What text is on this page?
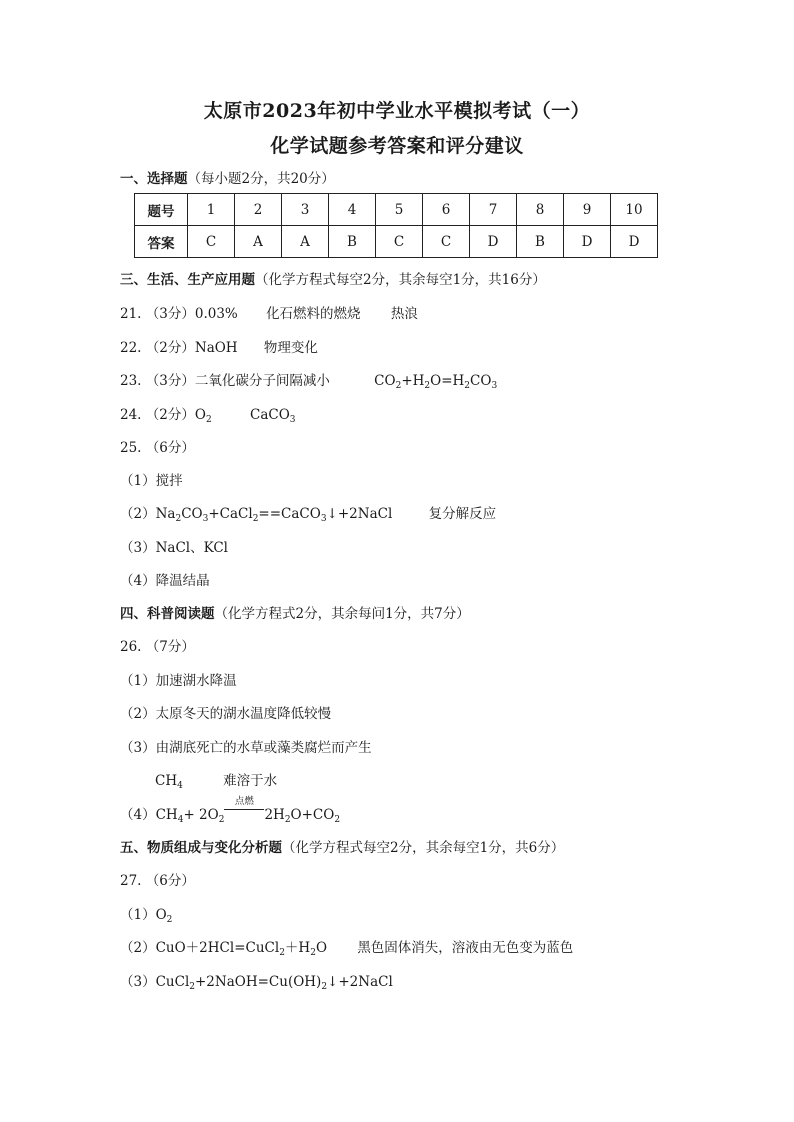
太原市2023年初中学业水平模拟考试（一）
化学试题参考答案和评分建议
一、选择题（每小题2分，共20分）
题号	1	2	3	4	5	6	7	8	9	10
答案	C	A	A	B	C	C	D	B	D	D
三、生活、生产应用题（化学方程式每空2分，其余每空1分，共16分）
21. （3分）0.03% 化石燃料的燃烧 热浪
22. （2分）NaOH 物理变化
23. （3分）二氧化碳分子间隔减小	$CO_2+H_2O=H_2CO_3$
24. （2分）$O_2$	CaCO$_3$
25. （6分）
（1）搅拌
$(2)Na_2CO_3+CaCl_2==CaCO_3↓+2NaCl$	复分解反应
（3）NaCl、KCl
（4）降温结晶
四、科普阅读题（化学方程式2分，其余每问1分，共7分）
26. （7分）
（1）加速湖水降温
（2）太原冬天的湖水温度降低较慢
（3）由湖底死亡的水草或藻类腐烂而产生
$CH_4$	难溶于水
$(4)CH_4+ 2O_2$
点燃
$2H_2O+CO_2$
五、物质组成与变化分析题（化学方程式每空2分，其余每空1分，共6分）
27. （6分）
$(1)O_2$
$(2)CuO+2HCl=CuCl_2+H_2O$ 黑色固体消失，溶液由无色变为蓝色
$(3)CuCl_2+2NaOH=Cu(OH)_2↓+2NaCl$
